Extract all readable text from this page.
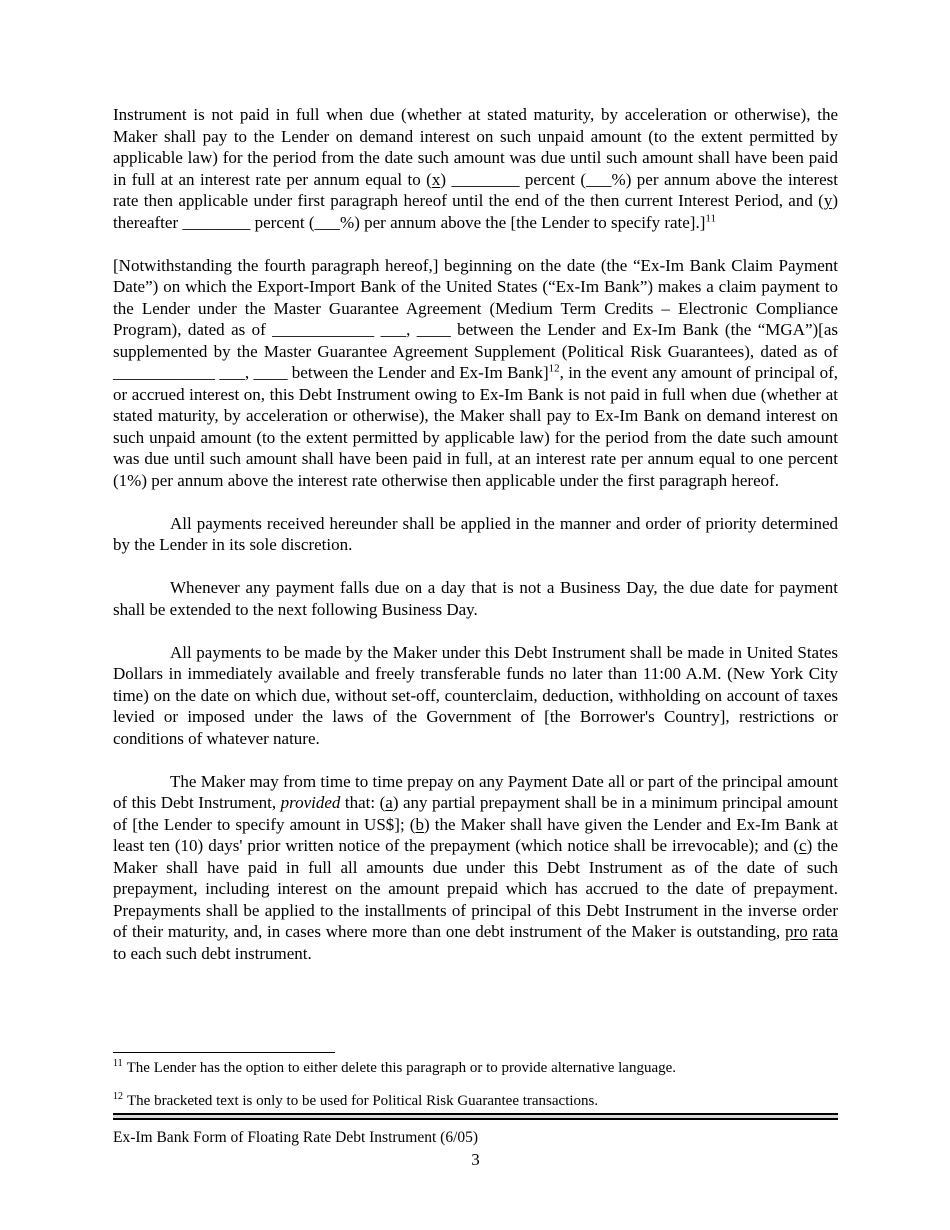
Instrument is not paid in full when due (whether at stated maturity, by acceleration or otherwise), the Maker shall pay to the Lender on demand interest on such unpaid amount (to the extent permitted by applicable law) for the period from the date such amount was due until such amount shall have been paid in full at an interest rate per annum equal to (x) ________ percent (___%) per annum above the interest rate then applicable under first paragraph hereof until the end of the then current Interest Period, and (y) thereafter ________ percent (___%) per annum above the [the Lender to specify rate].]$^{11}$

[Notwithstanding the fourth paragraph hereof,] beginning on the date (the “Ex-Im Bank Claim Payment Date”) on which the Export-Import Bank of the United States (“Ex-Im Bank”) makes a claim payment to the Lender under the Master Guarantee Agreement (Medium Term Credits – Electronic Compliance Program), dated as of ____________ ___, ____ between the Lender and Ex-Im Bank (the “MGA”)[as supplemented by the Master Guarantee Agreement Supplement (Political Risk Guarantees), dated as of ____________ ___, ____ between the Lender and Ex-Im Bank]$^{12}$, in the event any amount of principal of, or accrued interest on, this Debt Instrument owing to Ex-Im Bank is not paid in full when due (whether at stated maturity, by acceleration or otherwise), the Maker shall pay to Ex-Im Bank on demand interest on such unpaid amount (to the extent permitted by applicable law) for the period from the date such amount was due until such amount shall have been paid in full, at an interest rate per annum equal to one percent (1%) per annum above the interest rate otherwise then applicable under the first paragraph hereof.

All payments received hereunder shall be applied in the manner and order of priority determined by the Lender in its sole discretion.

Whenever any payment falls due on a day that is not a Business Day, the due date for payment shall be extended to the next following Business Day.

All payments to be made by the Maker under this Debt Instrument shall be made in United States Dollars in immediately available and freely transferable funds no later than 11:00 A.M. (New York City time) on the date on which due, without set-off, counterclaim, deduction, withholding on account of taxes levied or imposed under the laws of the Government of [the Borrower's Country], restrictions or conditions of whatever nature.

The Maker may from time to time prepay on any Payment Date all or part of the principal amount of this Debt Instrument, provided that: (a) any partial prepayment shall be in a minimum principal amount of [the Lender to specify amount in US$]; (b) the Maker shall have given the Lender and Ex-Im Bank at least ten (10) days' prior written notice of the prepayment (which notice shall be irrevocable); and (c) the Maker shall have paid in full all amounts due under this Debt Instrument as of the date of such prepayment, including interest on the amount prepaid which has accrued to the date of prepayment. Prepayments shall be applied to the installments of principal of this Debt Instrument in the inverse order of their maturity, and, in cases where more than one debt instrument of the Maker is outstanding, pro rata to each such debt instrument.

$^{11}$ The Lender has the option to either delete this paragraph or to provide alternative language.
$^{12}$ The bracketed text is only to be used for Political Risk Guarantee transactions.
Ex-Im Bank Form of Floating Rate Debt Instrument (6/05)
3
